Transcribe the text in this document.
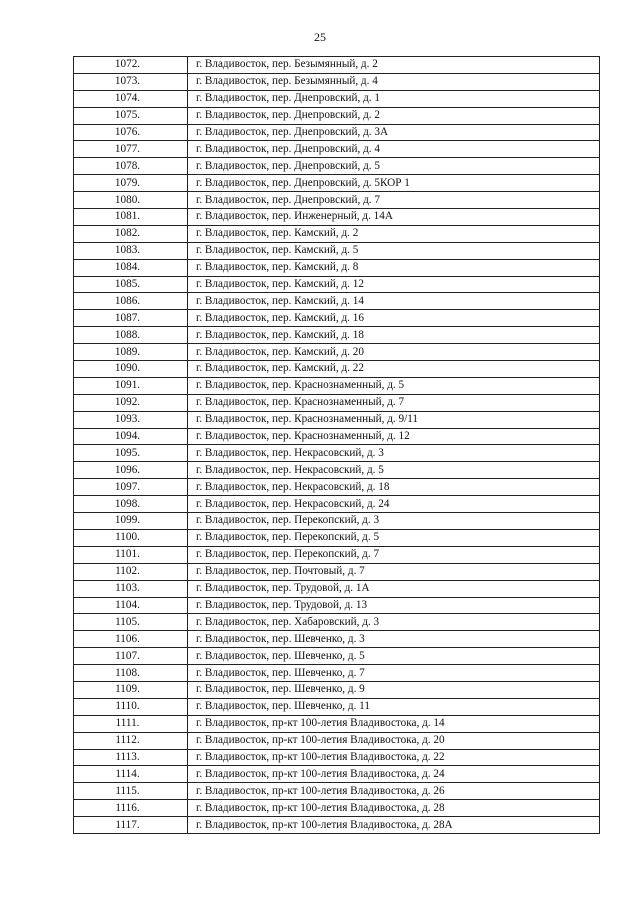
25
1072.	г. Владивосток, пер. Безымянный, д. 2
1073.	г. Владивосток, пер. Безымянный, д. 4
1074.	г. Владивосток, пер. Днепровский, д. 1
1075.	г. Владивосток, пер. Днепровский, д. 2
1076.	г. Владивосток, пер. Днепровский, д. 3А
1077.	г. Владивосток, пер. Днепровский, д. 4
1078.	г. Владивосток, пер. Днепровский, д. 5
1079.	г. Владивосток, пер. Днепровский, д. 5КОР 1
1080.	г. Владивосток, пер. Днепровский, д. 7
1081.	г. Владивосток, пер. Инженерный, д. 14А
1082.	г. Владивосток, пер. Камский, д. 2
1083.	г. Владивосток, пер. Камский, д. 5
1084.	г. Владивосток, пер. Камский, д. 8
1085.	г. Владивосток, пер. Камский, д. 12
1086.	г. Владивосток, пер. Камский, д. 14
1087.	г. Владивосток, пер. Камский, д. 16
1088.	г. Владивосток, пер. Камский, д. 18
1089.	г. Владивосток, пер. Камский, д. 20
1090.	г. Владивосток, пер. Камский, д. 22
1091.	г. Владивосток, пер. Краснознаменный, д. 5
1092.	г. Владивосток, пер. Краснознаменный, д. 7
1093.	г. Владивосток, пер. Краснознаменный, д. 9/11
1094.	г. Владивосток, пер. Краснознаменный, д. 12
1095.	г. Владивосток, пер. Некрасовский, д. 3
1096.	г. Владивосток, пер. Некрасовский, д. 5
1097.	г. Владивосток, пер. Некрасовский, д. 18
1098.	г. Владивосток, пер. Некрасовский, д. 24
1099.	г. Владивосток, пер. Перекопский, д. 3
1100.	г. Владивосток, пер. Перекопский, д. 5
1101.	г. Владивосток, пер. Перекопский, д. 7
1102.	г. Владивосток, пер. Почтовый, д. 7
1103.	г. Владивосток, пер. Трудовой, д. 1А
1104.	г. Владивосток, пер. Трудовой, д. 13
1105.	г. Владивосток, пер. Хабаровский, д. 3
1106.	г. Владивосток, пер. Шевченко, д. 3
1107.	г. Владивосток, пер. Шевченко, д. 5
1108.	г. Владивосток, пер. Шевченко, д. 7
1109.	г. Владивосток, пер. Шевченко, д. 9
1110.	г. Владивосток, пер. Шевченко, д. 11
1111.	г. Владивосток, пр-кт 100-летия Владивостока, д. 14
1112.	г. Владивосток, пр-кт 100-летия Владивостока, д. 20
1113.	г. Владивосток, пр-кт 100-летия Владивостока, д. 22
1114.	г. Владивосток, пр-кт 100-летия Владивостока, д. 24
1115.	г. Владивосток, пр-кт 100-летия Владивостока, д. 26
1116.	г. Владивосток, пр-кт 100-летия Владивостока, д. 28
1117.	г. Владивосток, пр-кт 100-летия Владивостока, д. 28А
